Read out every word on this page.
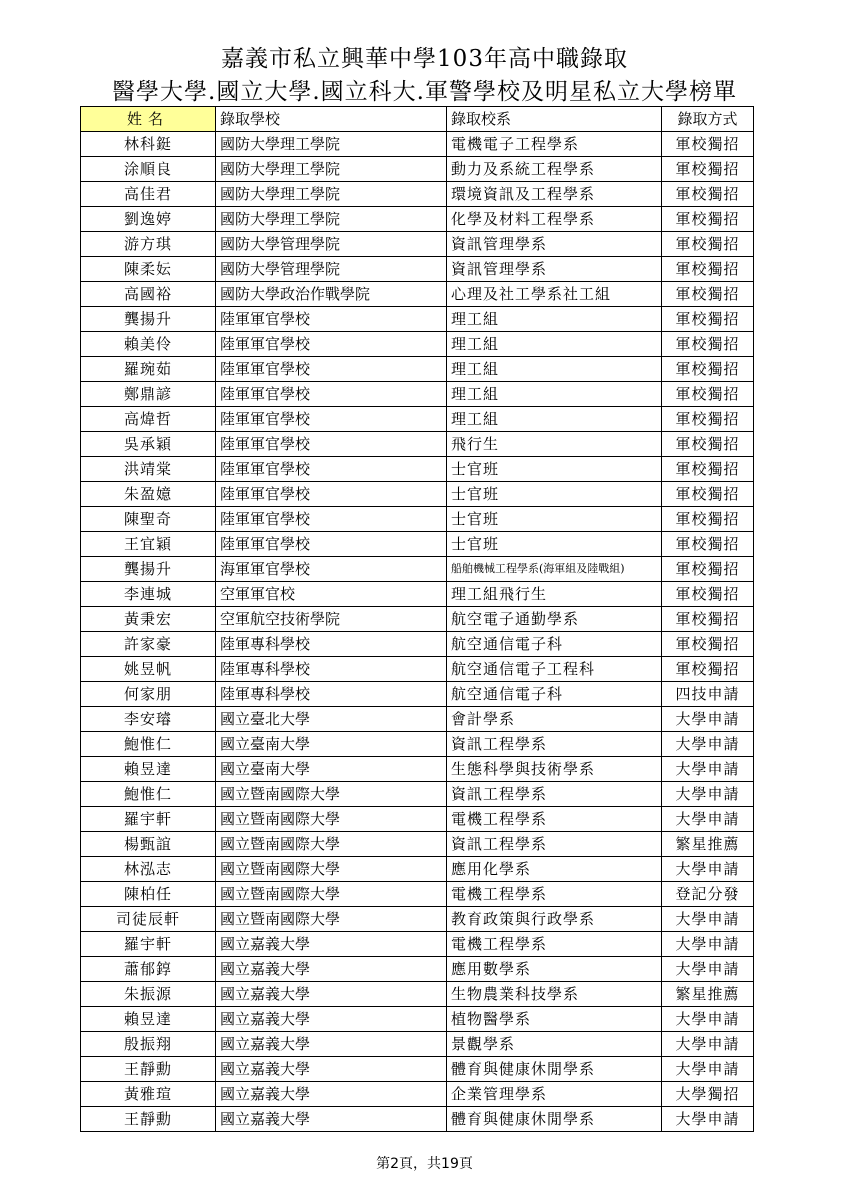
嘉義市私立興華中學103年高中職錄取
醫學大學.國立大學.國立科大.軍警學校及明星私立大學榜單
姓名	錄取學校	錄取校系	錄取方式
林科鋌	國防大學理工學院	電機電子工程學系	軍校獨招
涂順良	國防大學理工學院	動力及系統工程學系	軍校獨招
高佳君	國防大學理工學院	環境資訊及工程學系	軍校獨招
劉逸婷	國防大學理工學院	化學及材料工程學系	軍校獨招
游方琪	國防大學管理學院	資訊管理學系	軍校獨招
陳柔妘	國防大學管理學院	資訊管理學系	軍校獨招
高國裕	國防大學政治作戰學院	心理及社工學系社工組	軍校獨招
龔揚升	陸軍軍官學校	理工組	軍校獨招
賴美伶	陸軍軍官學校	理工組	軍校獨招
羅琬茹	陸軍軍官學校	理工組	軍校獨招
鄭鼎諺	陸軍軍官學校	理工組	軍校獨招
高煒哲	陸軍軍官學校	理工組	軍校獨招
吳承穎	陸軍軍官學校	飛行生	軍校獨招
洪靖棠	陸軍軍官學校	士官班	軍校獨招
朱盈嬑	陸軍軍官學校	士官班	軍校獨招
陳聖奇	陸軍軍官學校	士官班	軍校獨招
王宜穎	陸軍軍官學校	士官班	軍校獨招
龔揚升	海軍軍官學校	船舶機械工程學系(海軍組及陸戰組)	軍校獨招
李連城	空軍軍官校	理工組飛行生	軍校獨招
黃秉宏	空軍航空技術學院	航空電子通勤學系	軍校獨招
許家豪	陸軍專科學校	航空通信電子科	軍校獨招
姚昱帆	陸軍專科學校	航空通信電子工程科	軍校獨招
何家朋	陸軍專科學校	航空通信電子科	四技申請
李安璿	國立臺北大學	會計學系	大學申請
鮑惟仁	國立臺南大學	資訊工程學系	大學申請
賴昱達	國立臺南大學	生態科學與技術學系	大學申請
鮑惟仁	國立暨南國際大學	資訊工程學系	大學申請
羅宇軒	國立暨南國際大學	電機工程學系	大學申請
楊甄誼	國立暨南國際大學	資訊工程學系	繁星推薦
林泓志	國立暨南國際大學	應用化學系	大學申請
陳柏任	國立暨南國際大學	電機工程學系	登記分發
司徒辰軒	國立暨南國際大學	教育政策與行政學系	大學申請
羅宇軒	國立嘉義大學	電機工程學系	大學申請
蕭郁錞	國立嘉義大學	應用數學系	大學申請
朱振源	國立嘉義大學	生物農業科技學系	繁星推薦
賴昱達	國立嘉義大學	植物醫學系	大學申請
殷振翔	國立嘉義大學	景觀學系	大學申請
王靜勳	國立嘉義大學	體育與健康休閒學系	大學申請
黃雅瑄	國立嘉義大學	企業管理學系	大學獨招
王靜勳	國立嘉義大學	體育與健康休閒學系	大學申請
第2頁，共19頁
